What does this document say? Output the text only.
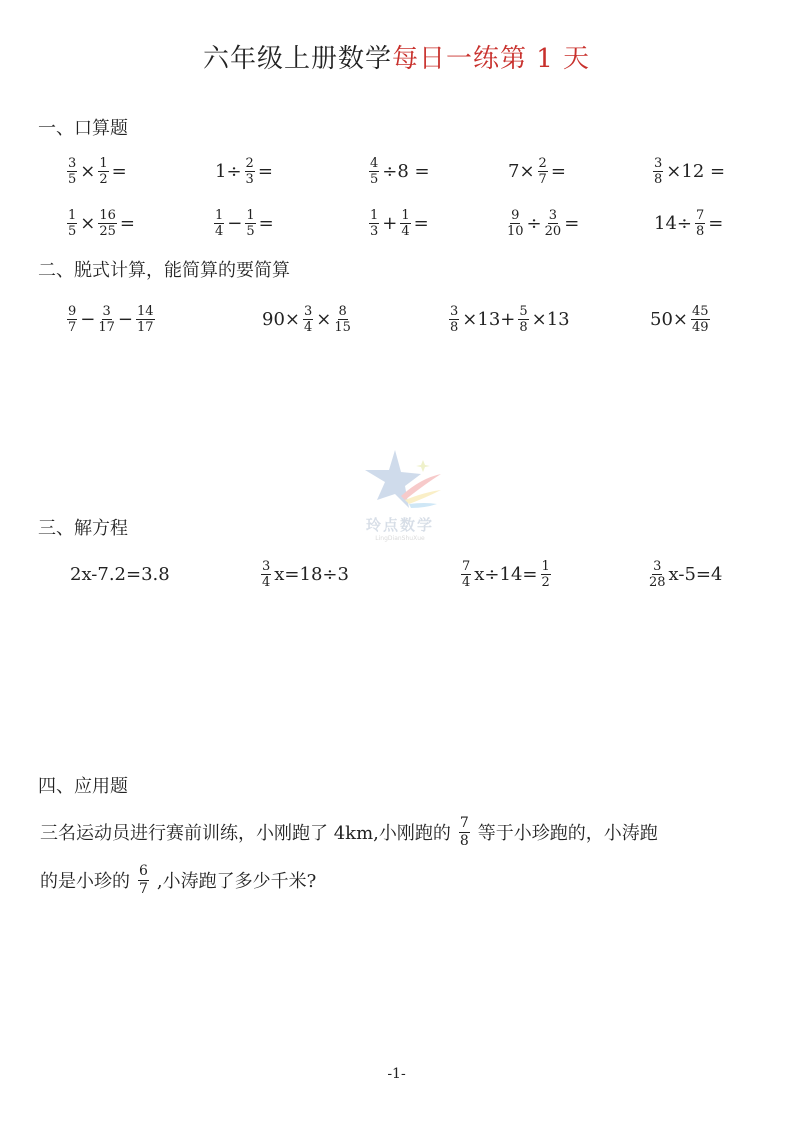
六年级上册数学每日一练第 1 天
一、口算题
$\frac{3}{5} \times \frac{1}{2}$ =	$1\div \frac{2}{3}$ =	$\frac{4}{5} \div 8$ =	$7\times \frac{2}{7}$ =	$\frac{3}{8} \times 12$ =
$\frac{1}{5} \times \frac{16}{25}$ =	$\frac{1}{4} - \frac{1}{5}$ =	$\frac{1}{3} + \frac{1}{4}$ =	$\frac{9}{10} \div \frac{3}{20}$ =	$14\div \frac{7}{8}$ =
二、脱式计算，能简算的要简算
$\frac{9}{7} - \frac{3}{17} - \frac{14}{17}$	$90\times \frac{3}{4} \times \frac{8}{15}$	$\frac{3}{8} \times 13+ \frac{5}{8} \times 13$	$50\times \frac{45}{49}$
玲点数学
LingDianShuXue
三、解方程
2x-7.2=3.8	$\frac{3}{4} x=18\div 3$	$\frac{7}{4} x\div 14= \frac{1}{2}$	$\frac{3}{28} x-5=4$
四、应用题
三名运动员进行赛前训练，小刚跑了 4km,小刚跑的 $\frac{7}{8}$ 等于小珍跑的，小涛跑
的是小珍的 $\frac{6}{7}$ ,小涛跑了多少千米?
-1-
